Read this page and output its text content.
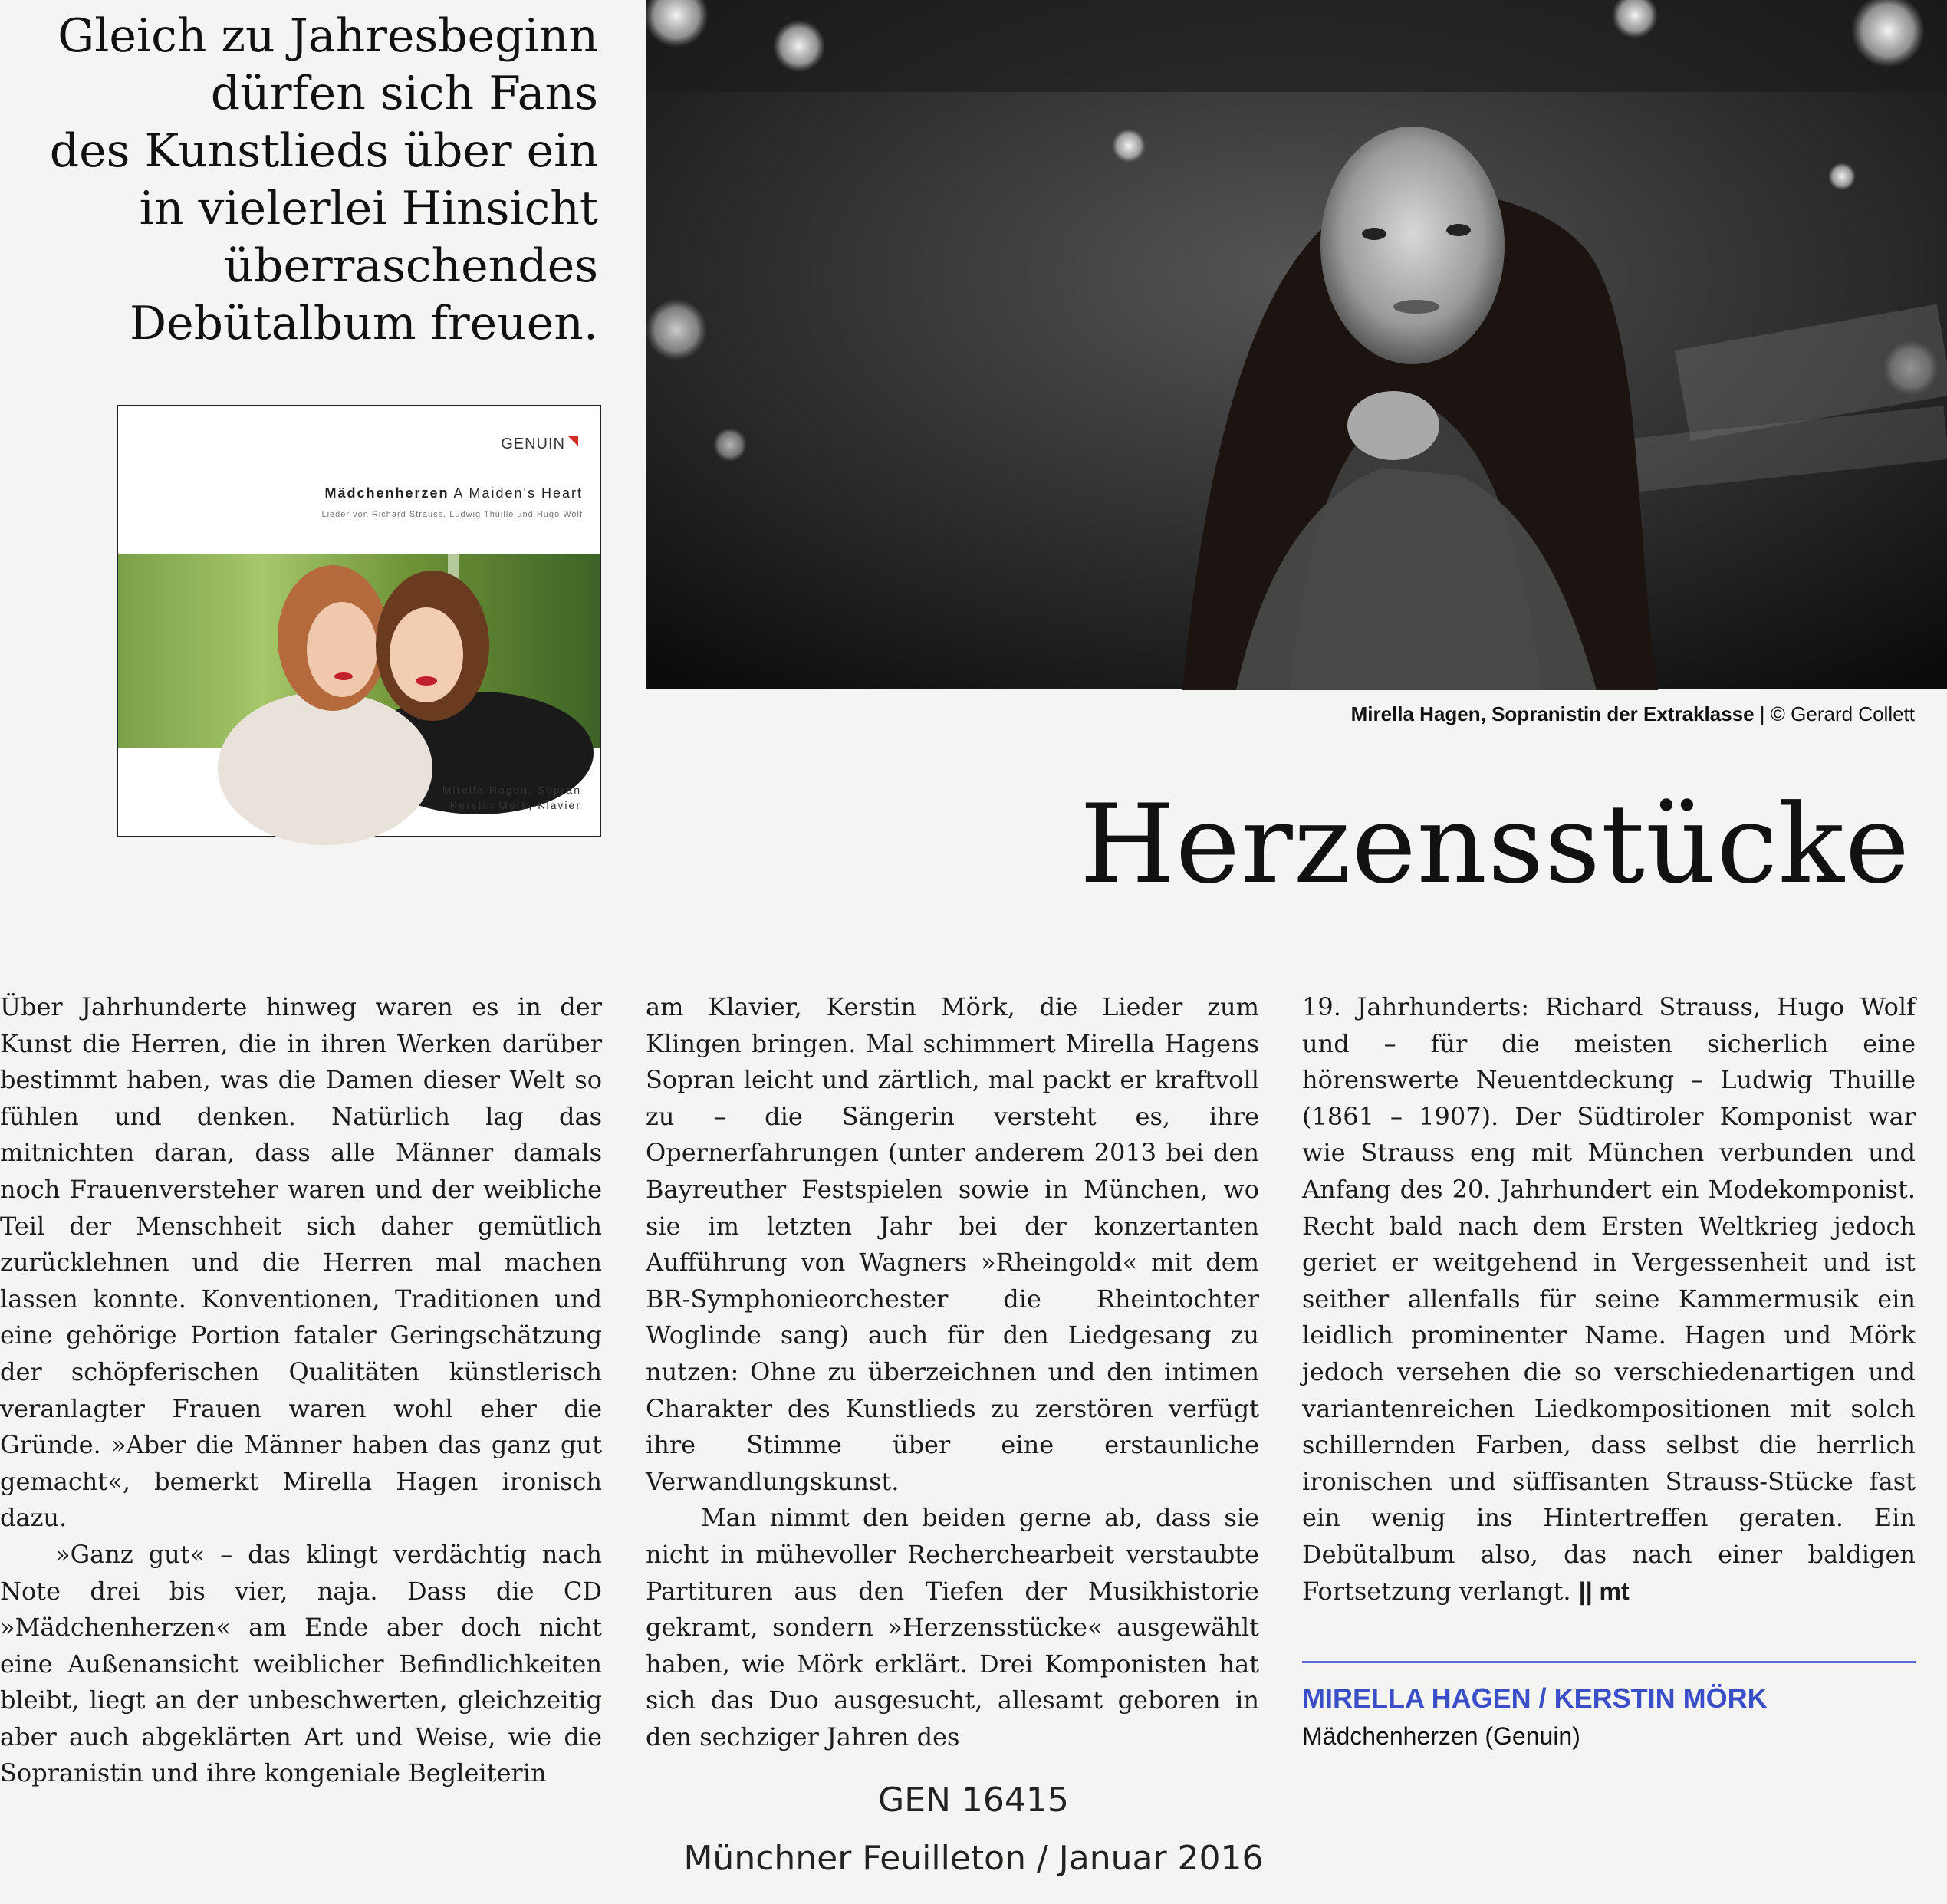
Gleich zu Jahresbeginn
dürfen sich Fans
des Kunstlieds über ein
in vielerlei Hinsicht
überraschendes
Debütalbum freuen.
GENUIN
Mädchenherzen A Maiden's Heart
Lieder von Richard Strauss, Ludwig Thuille und Hugo Wolf
Mirella Hagen, Sopran
Kerstin Mörk, Klavier
Mirella Hagen, Sopranistin der Extraklasse | © Gerard Collett
Herzensstücke

Über Jahrhunderte hinweg waren es in der Kunst die Herren, die in ihren Werken darüber bestimmt haben, was die Damen dieser Welt so fühlen und denken. Natürlich lag das mitnichten daran, dass alle Männer damals noch Frauenversteher waren und der weibliche Teil der Menschheit sich daher gemütlich zurücklehnen und die Herren mal machen lassen konnte. Konventionen, Traditionen und eine gehörige Portion fataler Geringschätzung der schöpferischen Qualitäten künstlerisch veranlagter Frauen waren wohl eher die Gründe. »Aber die Männer haben das ganz gut gemacht«, bemerkt Mirella Hagen ironisch dazu.

»Ganz gut« – das klingt verdächtig nach Note drei bis vier, naja. Dass die CD »Mädchenherzen« am Ende aber doch nicht eine Außenansicht weiblicher Befindlichkeiten bleibt, liegt an der unbeschwerten, gleichzeitig aber auch abgeklärten Art und Weise, wie die Sopranistin und ihre kongeniale Begleiterin

am Klavier, Kerstin Mörk, die Lieder zum Klingen bringen. Mal schimmert Mirella Hagens Sopran leicht und zärtlich, mal packt er kraftvoll zu – die Sängerin versteht es, ihre Opernerfahrungen (unter anderem 2013 bei den Bayreuther Festspielen sowie in München, wo sie im letzten Jahr bei der konzertanten Aufführung von Wagners »Rheingold« mit dem BR-Symphonieorchester die Rheintochter Woglinde sang) auch für den Liedgesang zu nutzen: Ohne zu überzeichnen und den intimen Charakter des Kunstlieds zu zerstören verfügt ihre Stimme über eine erstaunliche Verwandlungskunst.

Man nimmt den beiden gerne ab, dass sie nicht in mühevoller Recherchearbeit verstaubte Partituren aus den Tiefen der Musikhistorie gekramt, sondern »Herzensstücke« ausgewählt haben, wie Mörk erklärt. Drei Komponisten hat sich das Duo ausgesucht, allesamt geboren in den sechziger Jahren des

19. Jahrhunderts: Richard Strauss, Hugo Wolf und – für die meisten sicherlich eine hörenswerte Neuentdeckung – Ludwig Thuille (1861 – 1907). Der Südtiroler Komponist war wie Strauss eng mit München verbunden und Anfang des 20. Jahrhundert ein Modekomponist. Recht bald nach dem Ersten Weltkrieg jedoch geriet er weitgehend in Vergessenheit und ist seither allenfalls für seine Kammermusik ein leidlich prominenter Name. Hagen und Mörk jedoch versehen die so verschiedenartigen und variantenreichen Liedkompositionen mit solch schillernden Farben, dass selbst die herrlich ironischen und süffisanten Strauss-Stücke fast ein wenig ins Hintertreffen geraten. Ein Debütalbum also, das nach einer baldigen Fortsetzung verlangt. || mt

MIRELLA HAGEN / KERSTIN MÖRK
Mädchenherzen (Genuin)
GEN 16415
Münchner Feuilleton / Januar 2016
